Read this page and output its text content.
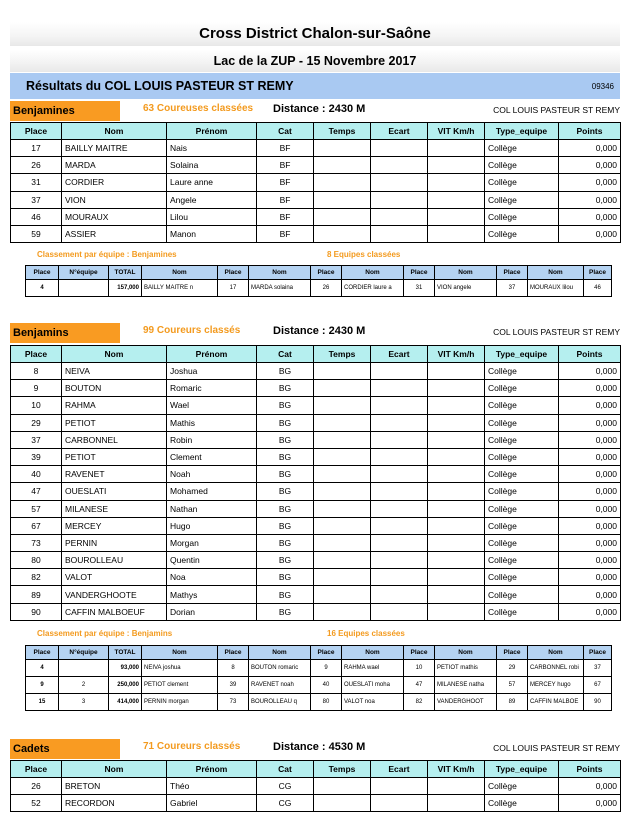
Cross District Chalon-sur-Saône
Lac de la ZUP - 15 Novembre 2017
Résultats du COL LOUIS PASTEUR ST REMY	09346
Benjamines	63 Coureuses classées Distance : 2430 M	COL LOUIS PASTEUR ST REMY
Place	Nom	Prénom	Cat	Temps	Ecart	VIT Km/h	Type_equipe	Points
17	BAILLY MAITRE	Nais	BF				Collège	0,000
26	MARDA	Solaina	BF				Collège	0,000
31	CORDIER	Laure anne	BF				Collège	0,000
37	VION	Angele	BF				Collège	0,000
46	MOURAUX	Lilou	BF				Collège	0,000
59	ASSIER	Manon	BF				Collège	0,000
Classement par équipe : Benjamines	8 Equipes classées
Place	N°équipe	TOTAL	Nom	Place	Nom	Place	Nom	Place	Nom	Place	Nom	Place
4		157,000	BAILLY MAITRE n	17	MARDA solaina	26	CORDIER laure a	31	VION angele	37	MOURAUX lilou	46
Benjamins	99 Coureurs classés	Distance : 2430 M	COL LOUIS PASTEUR ST REMY
Place	Nom	Prénom	Cat	Temps	Ecart	VIT Km/h	Type_equipe	Points
8	NEIVA	Joshua	BG				Collège	0,000
9	BOUTON	Romaric	BG				Collège	0,000
10	RAHMA	Wael	BG				Collège	0,000
29	PETIOT	Mathis	BG				Collège	0,000
37	CARBONNEL	Robin	BG				Collège	0,000
39	PETIOT	Clement	BG				Collège	0,000
40	RAVENET	Noah	BG				Collège	0,000
47	OUESLATI	Mohamed	BG				Collège	0,000
57	MILANESE	Nathan	BG				Collège	0,000
67	MERCEY	Hugo	BG				Collège	0,000
73	PERNIN	Morgan	BG				Collège	0,000
80	BOUROLLEAU	Quentin	BG				Collège	0,000
82	VALOT	Noa	BG				Collège	0,000
89	VANDERGHOOTE	Mathys	BG				Collège	0,000
90	CAFFIN MALBOEUF	Dorian	BG				Collège	0,000
Classement par équipe : Benjamins	16 Equipes classées
Place	N°équipe	TOTAL	Nom	Place	Nom	Place	Nom	Place	Nom	Place	Nom	Place
4		93,000	NEIVA joshua	8	BOUTON romaric	9	RAHMA wael	10	PETIOT mathis	29	CARBONNEL robi	37
9	2	250,000	PETIOT clement	39	RAVENET noah	40	OUESLATI moha	47	MILANESE natha	57	MERCEY hugo	67
15	3	414,000	PERNIN morgan	73	BOUROLLEAU q	80	VALOT noa	82	VANDERGHOOT	89	CAFFIN MALBOE	90
Cadets	71 Coureurs classés	Distance : 4530 M	COL LOUIS PASTEUR ST REMY
Place	Nom	Prénom	Cat	Temps	Ecart	VIT Km/h	Type_equipe	Points
26	BRETON	Théo	CG				Collège	0,000
52	RECORDON	Gabriel	CG				Collège	0,000
